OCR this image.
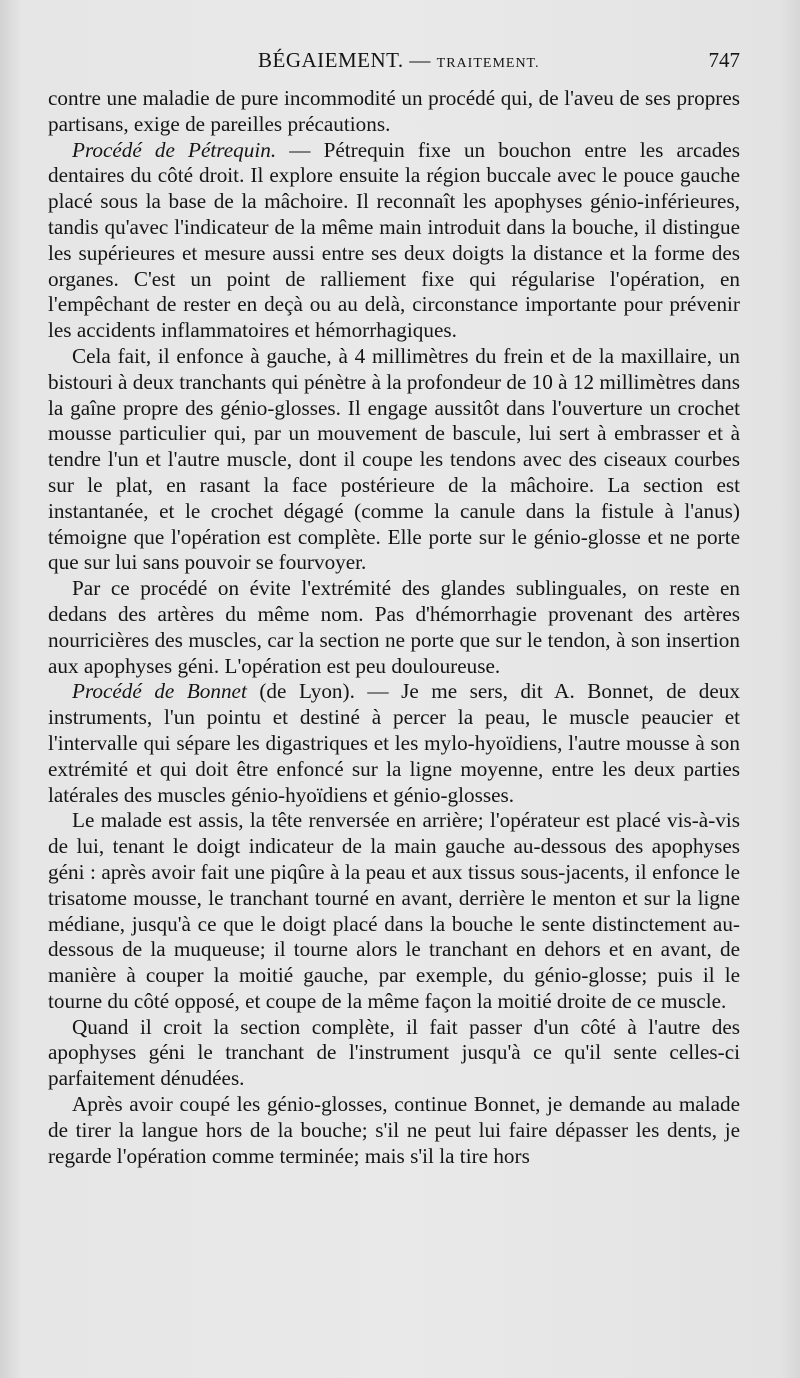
BÉGAIEMENT. — TRAITEMENT.	747

contre une maladie de pure incommodité un procédé qui, de l'aveu de ses propres partisans, exige de pareilles précautions.

Procédé de Pétrequin. — Pétrequin fixe un bouchon entre les arcades dentaires du côté droit. Il explore ensuite la région buccale avec le pouce gauche placé sous la base de la mâchoire. Il reconnaît les apophyses génio-inférieures, tandis qu'avec l'indicateur de la même main introduit dans la bouche, il distingue les supérieures et mesure aussi entre ses deux doigts la distance et la forme des organes. C'est un point de ralliement fixe qui régularise l'opération, en l'empêchant de rester en deçà ou au delà, circonstance importante pour prévenir les accidents inflammatoires et hémorrhagiques.

Cela fait, il enfonce à gauche, à 4 millimètres du frein et de la maxillaire, un bistouri à deux tranchants qui pénètre à la profondeur de 10 à 12 millimètres dans la gaîne propre des génio-glosses. Il engage aussitôt dans l'ouverture un crochet mousse particulier qui, par un mouvement de bascule, lui sert à embrasser et à tendre l'un et l'autre muscle, dont il coupe les tendons avec des ciseaux courbes sur le plat, en rasant la face postérieure de la mâchoire. La section est instantanée, et le crochet dégagé (comme la canule dans la fistule à l'anus) témoigne que l'opération est complète. Elle porte sur le génio-glosse et ne porte que sur lui sans pouvoir se fourvoyer.

Par ce procédé on évite l'extrémité des glandes sublinguales, on reste en dedans des artères du même nom. Pas d'hémorrhagie provenant des artères nourricières des muscles, car la section ne porte que sur le tendon, à son insertion aux apophyses géni. L'opération est peu douloureuse.

Procédé de Bonnet (de Lyon). — Je me sers, dit A. Bonnet, de deux instruments, l'un pointu et destiné à percer la peau, le muscle peaucier et l'intervalle qui sépare les digastriques et les mylo-hyoïdiens, l'autre mousse à son extrémité et qui doit être enfoncé sur la ligne moyenne, entre les deux parties latérales des muscles génio-hyoïdiens et génio-glosses.

Le malade est assis, la tête renversée en arrière; l'opérateur est placé vis-à-vis de lui, tenant le doigt indicateur de la main gauche au-dessous des apophyses géni : après avoir fait une piqûre à la peau et aux tissus sous-jacents, il enfonce le trisatome mousse, le tranchant tourné en avant, derrière le menton et sur la ligne médiane, jusqu'à ce que le doigt placé dans la bouche le sente distinctement au-dessous de la muqueuse; il tourne alors le tranchant en dehors et en avant, de manière à couper la moitié gauche, par exemple, du génio-glosse; puis il le tourne du côté opposé, et coupe de la même façon la moitié droite de ce muscle.

Quand il croit la section complète, il fait passer d'un côté à l'autre des apophyses géni le tranchant de l'instrument jusqu'à ce qu'il sente celles-ci parfaitement dénudées.

Après avoir coupé les génio-glosses, continue Bonnet, je demande au malade de tirer la langue hors de la bouche; s'il ne peut lui faire dépasser les dents, je regarde l'opération comme terminée; mais s'il la tire hors
